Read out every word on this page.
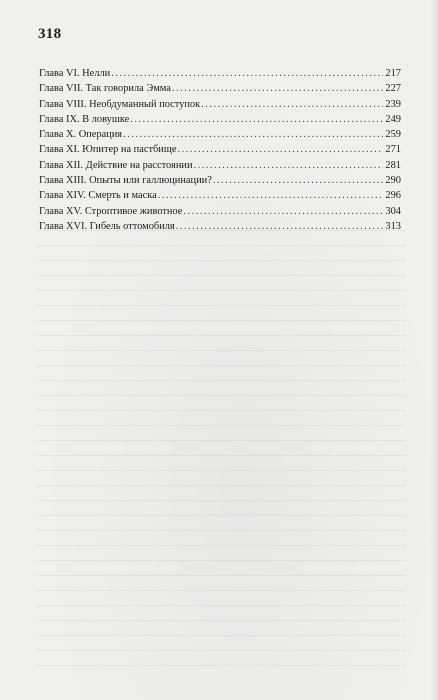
318
Глава VI. Нелли .....	217
Глава VII. Так говорила Эмма .....	227
Глава VIII. Необдуманный поступок .....	239
Глава IX. В ловушке .....	249
Глава X. Операция .....	259
Глава XI. Юпитер на пастбище .....	271
Глава XII. Действие на расстоянии .....	281
Глава XIII. Опыты или галлюцинации? .....	290
Глава XIV. Смерть и маска .....	296
Глава XV. Строптивое животное .....	304
Глава XVI. Гибель оттомобиля .....	313
